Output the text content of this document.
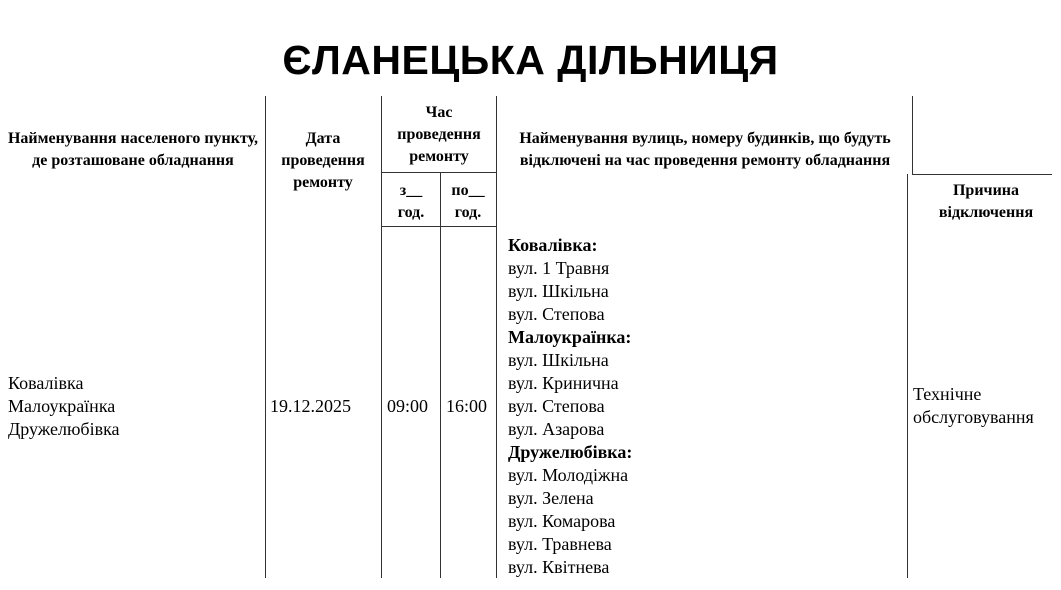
ЄЛАНЕЦЬКА ДІЛЬНИЦЯ
Найменування населеного пункту, де розташоване обладнання
Дата проведення ремонту
Час проведення ремонту
з__ год.
по__ год.
Найменування вулиць, номеру будинків, що будуть відключені на час проведення ремонту обладнання
Причина відключення
Ковалівка
Малоукраїнка
Дружелюбівка
19.12.2025 09:00 16:00
Технічне обслуговування
Ковалівка:
вул. 1 Травня
вул. Шкільна
вул. Степова
Малоукраїнка:
вул. Шкільна
вул. Кринична
вул. Степова
вул. Азарова
Дружелюбівка:
вул. Молодіжна
вул. Зелена
вул. Комарова
вул. Травнева
вул. Квітнева
